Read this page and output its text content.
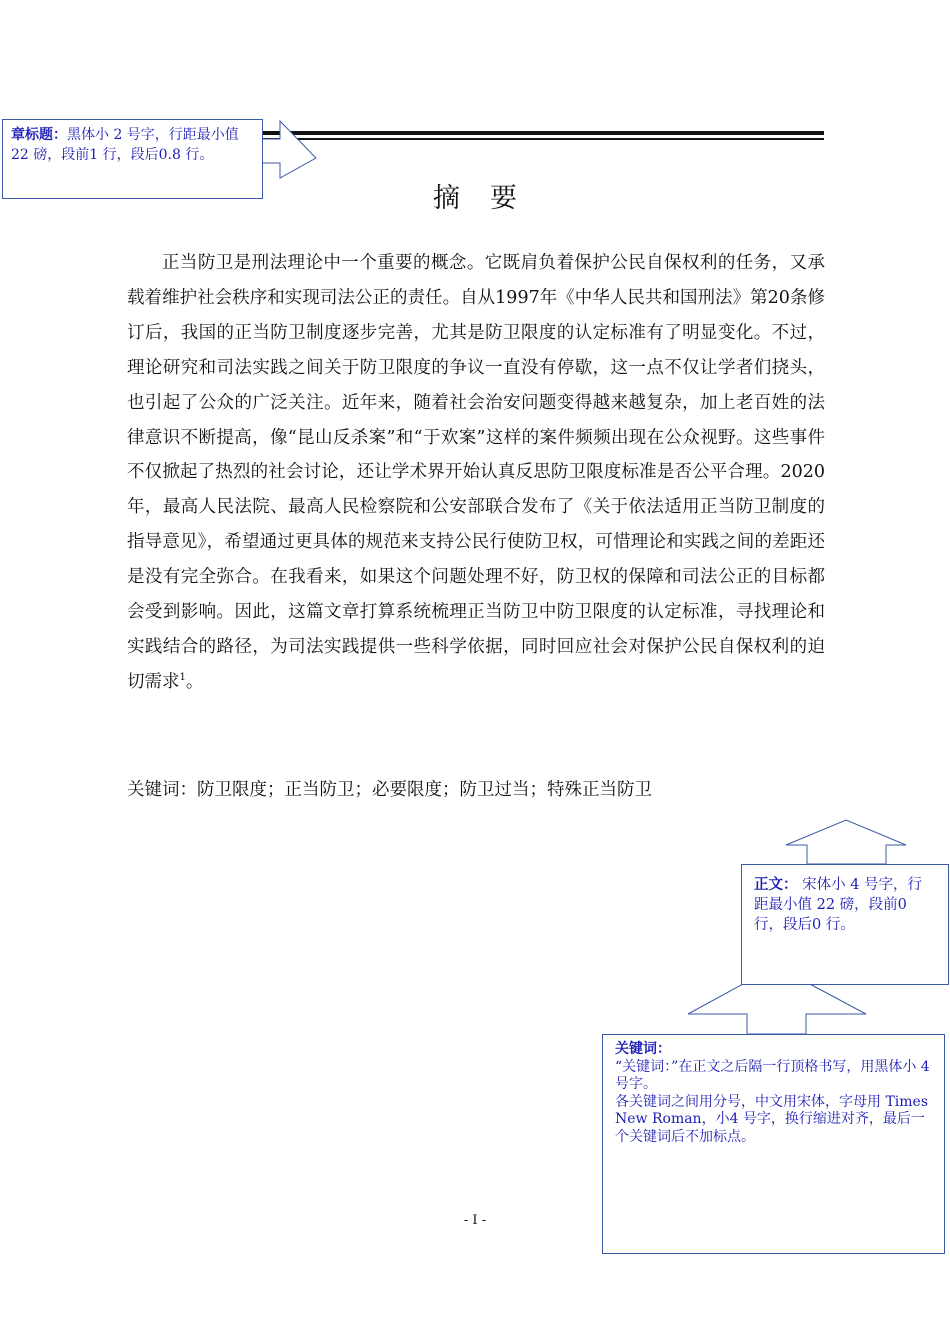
章标题：黑体小 2 号字，行距最小值 22 磅，段前1 行，段后0.8 行。
摘要

正当防卫是刑法理论中一个重要的概念。它既肩负着保护公民自保权利的任务，又承载着维护社会秩序和实现司法公正的责任。自从1997年《中华人民共和国刑法》第20条修订后，我国的正当防卫制度逐步完善，尤其是防卫限度的认定标准有了明显变化。不过，理论研究和司法实践之间关于防卫限度的争议一直没有停歇，这一点不仅让学者们挠头，也引起了公众的广泛关注。近年来，随着社会治安问题变得越来越复杂，加上老百姓的法律意识不断提高，像“昆山反杀案”和“于欢案”这样的案件频频出现在公众视野。这些事件不仅掀起了热烈的社会讨论，还让学术界开始认真反思防卫限度标准是否公平合理。2020年，最高人民法院、最高人民检察院和公安部联合发布了《关于依法适用正当防卫制度的指导意见》，希望通过更具体的规范来支持公民行使防卫权，可惜理论和实践之间的差距还是没有完全弥合。在我看来，如果这个问题处理不好，防卫权的保障和司法公正的目标都会受到影响。因此，这篇文章打算系统梳理正当防卫中防卫限度的认定标准，寻找理论和实践结合的路径，为司法实践提供一些科学依据，同时回应社会对保护公民自保权利的迫切需求$^1$。

关键词：防卫限度；正当防卫；必要限度；防卫过当；特殊正当防卫
正文： 宋体小 4 号字，行距最小值 22 磅，段前0 行，段后0 行。
关键词：
“关键词：”在正文之后隔一行顶格书写，用黑体小 4 号字。
各关键词之间用分号，中文用宋体，字母用 Times New Roman，小4 号字，换行缩进对齐，最后一个关键词后不加标点。
- I -
